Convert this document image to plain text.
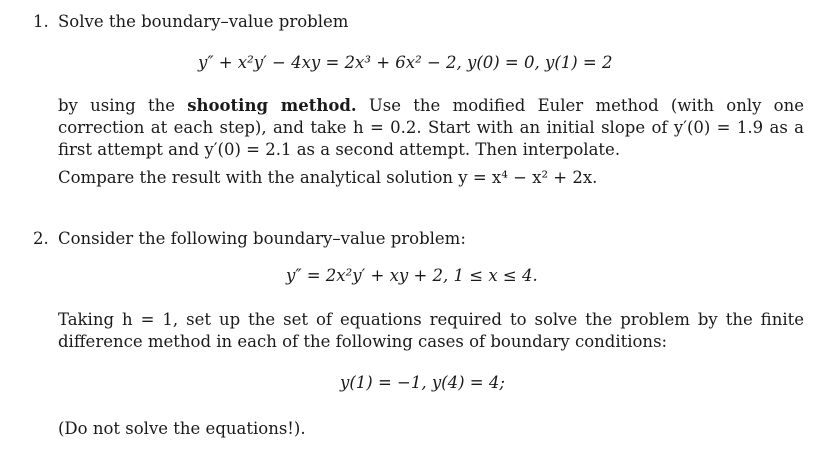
1. Solve the boundary–value problem
y″ + x²y′ − 4xy = 2x³ + 6x² − 2, y(0) = 0, y(1) = 2
by using the shooting method. Use the modified Euler method (with only one correction at each step), and take h = 0.2. Start with an initial slope of y′(0) = 1.9 as a first attempt and y′(0) = 2.1 as a second attempt. Then interpolate.
Compare the result with the analytical solution y = x⁴ − x² + 2x.
2. Consider the following boundary–value problem:
y″ = 2x²y′ + xy + 2, 1 ≤ x ≤ 4.
Taking h = 1, set up the set of equations required to solve the problem by the finite difference method in each of the following cases of boundary conditions:
y(1) = −1, y(4) = 4;
(Do not solve the equations!).
